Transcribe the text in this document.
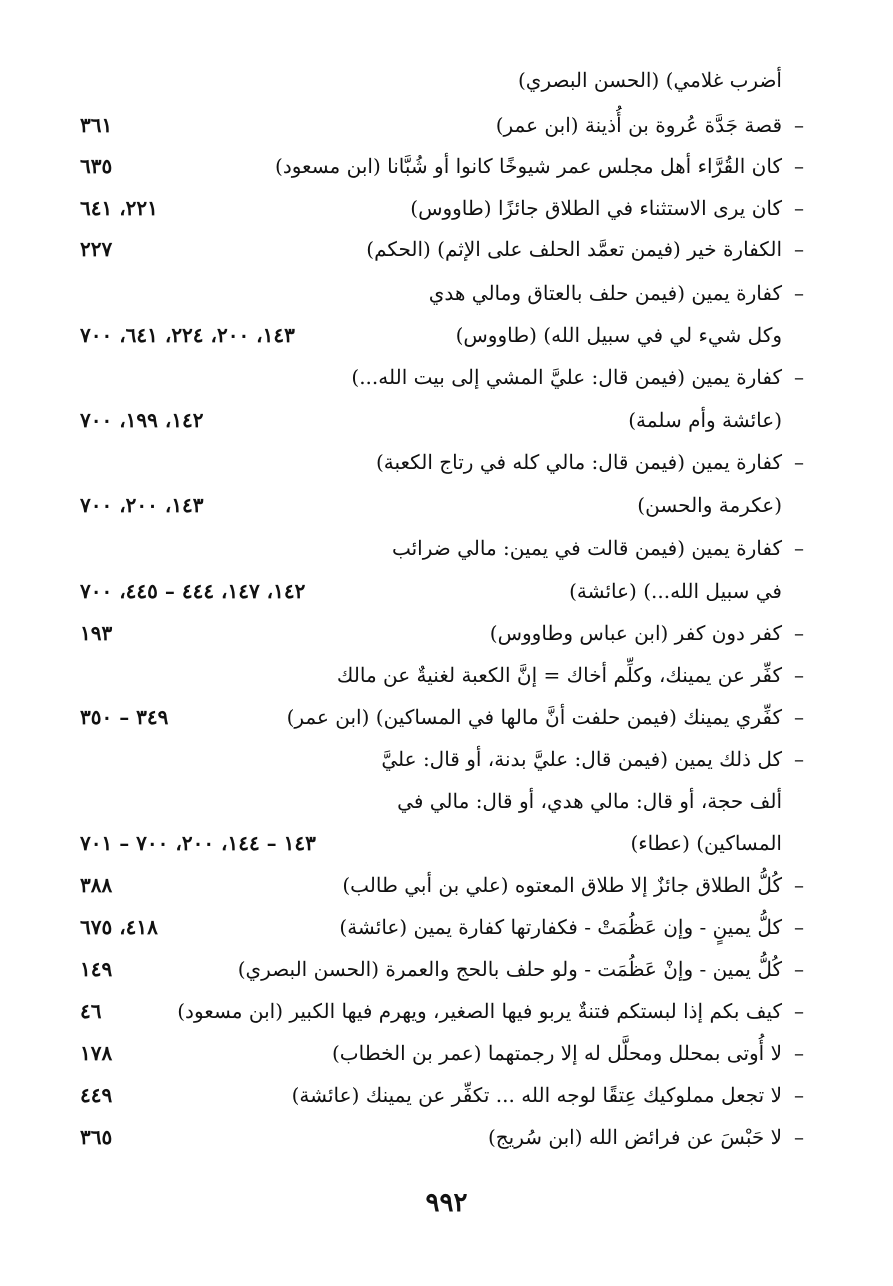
أضرب غلامي) (الحسن البصري)
–
قصة جَدَّة عُروة بن أُذينة (ابن عمر)
٣٦١
–
كان القُرَّاء أهل مجلس عمر شيوخًا كانوا أو شُبَّانا (ابن مسعود)
٦٣٥
–
كان يرى الاستثناء في الطلاق جائزًا (طاووس)
٢٢١، ٦٤١
–
الكفارة خير (فيمن تعمَّد الحلف على الإثم) (الحكم)
٢٢٧
–
كفارة يمين (فيمن حلف بالعتاق ومالي هدي
وكل شيء لي في سبيل الله) (طاووس)
١٤٣، ٢٠٠، ٢٢٤، ٦٤١، ٧٠٠
–
كفارة يمين (فيمن قال: عليَّ المشي إلى بيت الله...)
(عائشة وأم سلمة)
١٤٢، ١٩٩، ٧٠٠
–
كفارة يمين (فيمن قال: مالي كله في رتاج الكعبة)
(عكرمة والحسن)
١٤٣، ٢٠٠، ٧٠٠
–
كفارة يمين (فيمن قالت في يمين: مالي ضرائب
في سبيل الله...) (عائشة)
١٤٢، ١٤٧، ٤٤٤ – ٤٤٥، ٧٠٠
–
كفر دون كفر (ابن عباس وطاووس)
١٩٣
–
كفِّر عن يمينك، وكلِّم أخاك = إنَّ الكعبة لغنيةٌ عن مالك
–
كفِّري يمينك (فيمن حلفت أنَّ مالها في المساكين) (ابن عمر)
٣٤٩ – ٣٥٠
–
كل ذلك يمين (فيمن قال: عليَّ بدنة، أو قال: عليَّ
ألف حجة، أو قال: مالي هدي، أو قال: مالي في
المساكين) (عطاء)
١٤٣ – ١٤٤، ٢٠٠، ٧٠٠ – ٧٠١
–
كُلُّ الطلاق جائزٌ إلا طلاق المعتوه (علي بن أبي طالب)
٣٨٨
–
كلُّ يمينٍ - وإن عَظُمَتْ - فكفارتها كفارة يمين (عائشة)
٤١٨، ٦٧٥
–
كُلُّ يمين - وإنْ عَظُمَت - ولو حلف بالحج والعمرة (الحسن البصري)
١٤٩
–
كيف بكم إذا لبستكم فتنةٌ يربو فيها الصغير، ويهرم فيها الكبير (ابن مسعود)
٤٦
–
لا أُوتى بمحلل ومحلَّل له إلا رجمتهما (عمر بن الخطاب)
١٧٨
–
لا تجعل مملوكيك عِتقًا لوجه الله ... تكفِّر عن يمينك (عائشة)
٤٤٩
–
لا حَبْسَ عن فرائض الله (ابن سُريج)
٣٦٥
٩٩٢
